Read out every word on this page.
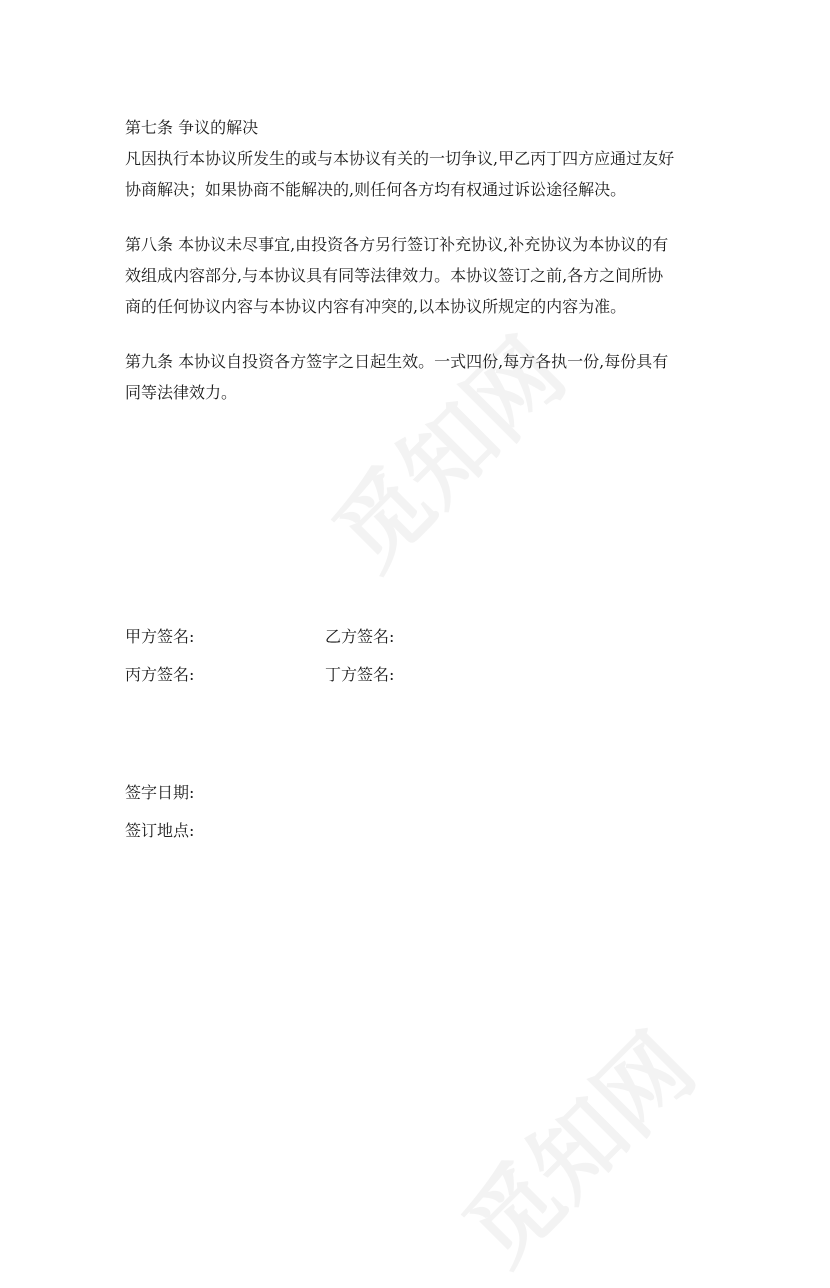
第七条 争议的解决
凡因执行本协议所发生的或与本协议有关的一切争议,甲乙丙丁四方应通过友好
协商解决；如果协商不能解决的,则任何各方均有权通过诉讼途径解决。
第八条 本协议未尽事宜,由投资各方另行签订补充协议,补充协议为本协议的有
效组成内容部分,与本协议具有同等法律效力。本协议签订之前,各方之间所协
商的任何协议内容与本协议内容有冲突的,以本协议所规定的内容为准。
第九条 本协议自投资各方签字之日起生效。一式四份,每方各执一份,每份具有
同等法律效力。
甲方签名:	乙方签名:
丙方签名:	丁方签名:
签字日期:
签订地点:
